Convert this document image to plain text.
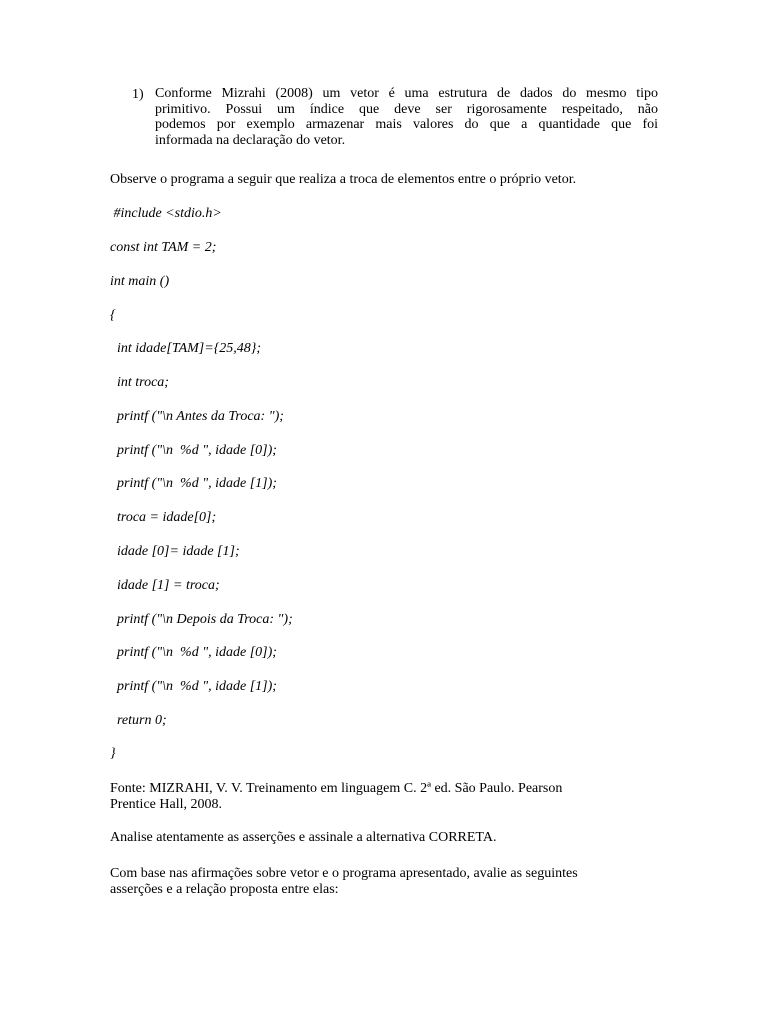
1) Conforme Mizrahi (2008) um vetor é uma estrutura de dados do mesmo tipo
primitivo. Possui um índice que deve ser rigorosamente respeitado, não
podemos por exemplo armazenar mais valores do que a quantidade que foi
informada na declaração do vetor.
Observe o programa a seguir que realiza a troca de elementos entre o próprio vetor.
#include <stdio.h>
const int TAM = 2;
int main ()
{
int idade[TAM]={25,48};
int troca;
printf ("\n Antes da Troca: ");
printf ("\n  %d ", idade [0]);
printf ("\n  %d ", idade [1]);
troca = idade[0];
idade [0]= idade [1];
idade [1] = troca;
printf ("\n Depois da Troca: ");
printf ("\n  %d ", idade [0]);
printf ("\n  %d ", idade [1]);
return 0;
}
Fonte: MIZRAHI, V. V. Treinamento em linguagem C. 2ª ed. São Paulo. Pearson
Prentice Hall, 2008.
Analise atentamente as asserções e assinale a alternativa CORRETA.
Com base nas afirmações sobre vetor e o programa apresentado, avalie as seguintes
asserções e a relação proposta entre elas:
